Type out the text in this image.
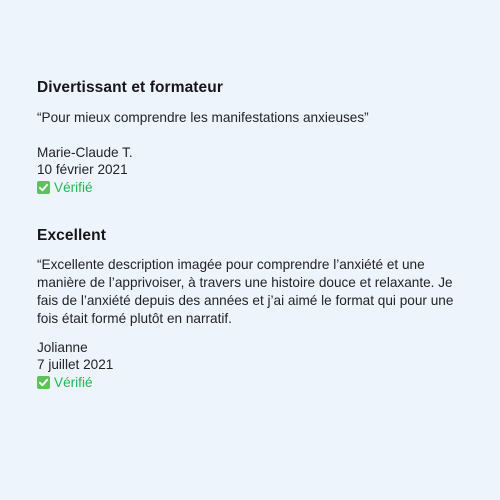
Divertissant et formateur

“Pour mieux comprendre les manifestations anxieuses”

Marie-Claude T.
10 février 2021
Vérifié
Excellent

“Excellente description imagée pour comprendre l’anxiété et une manière de l’apprivoiser, à travers une histoire douce et relaxante. Je fais de l’anxiété depuis des années et j’ai aimé le format qui pour une fois était formé plutôt en narratif.

Jolianne
7 juillet 2021
Vérifié
